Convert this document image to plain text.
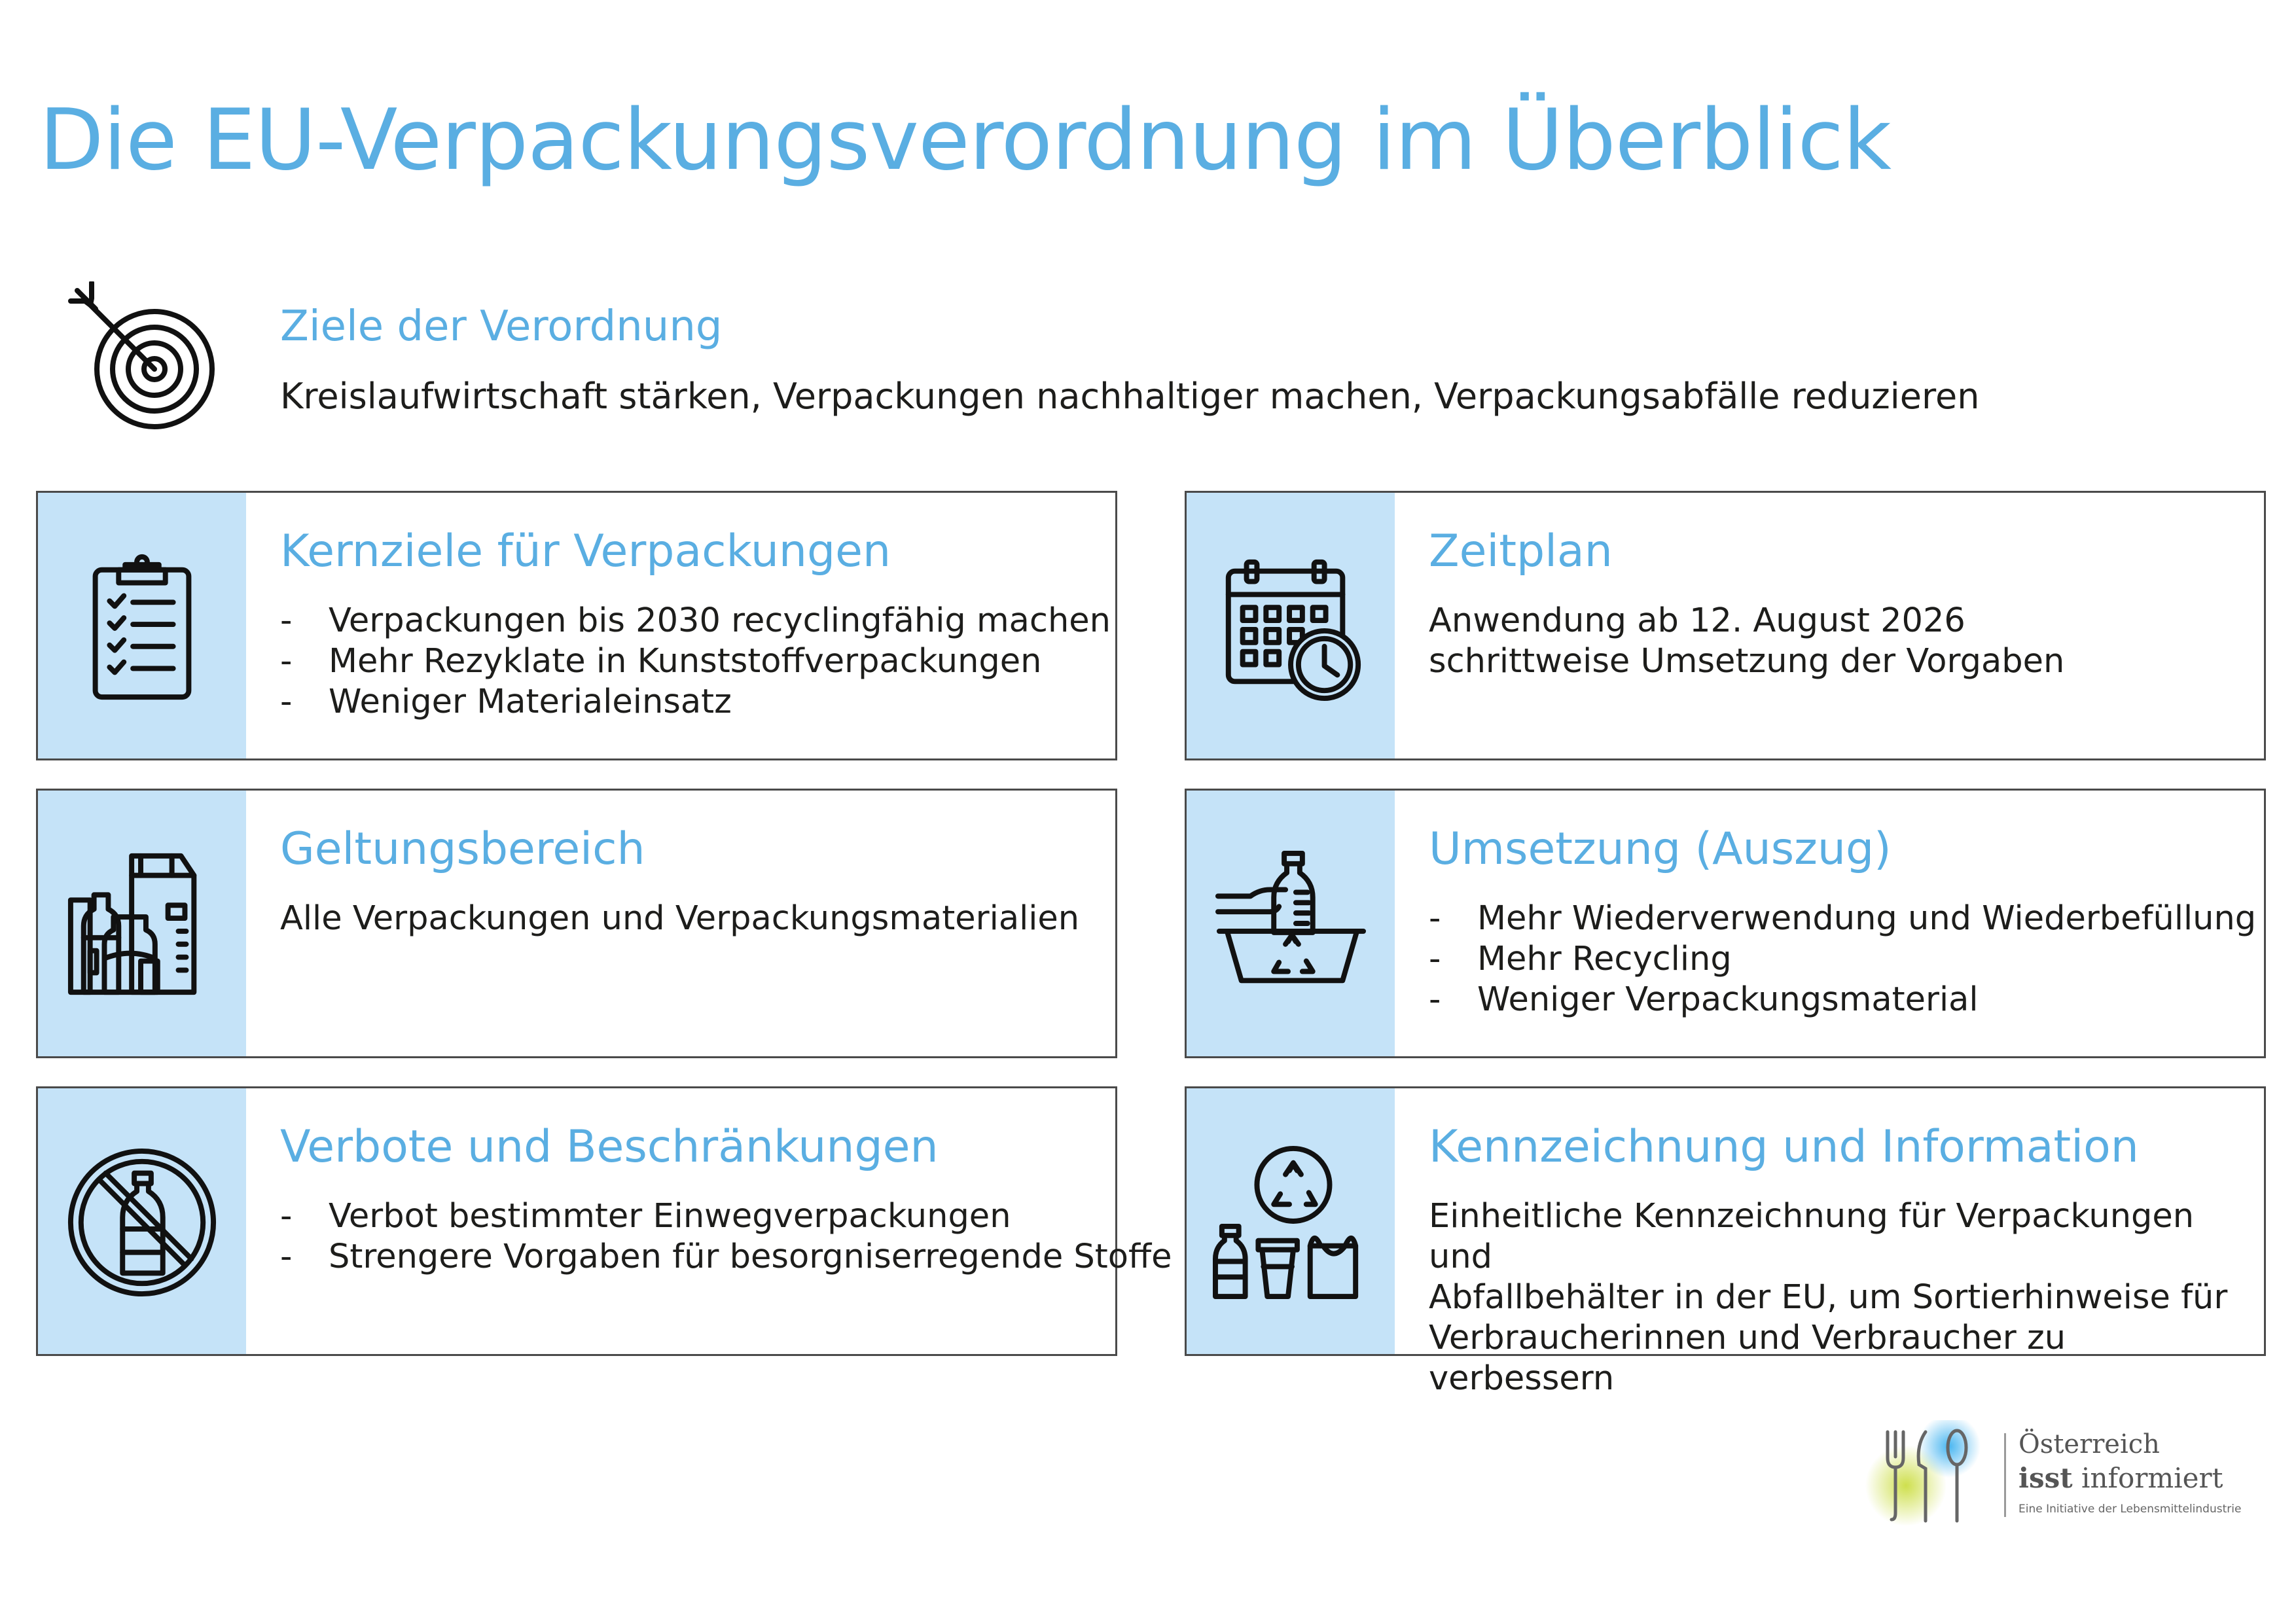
Die EU-Verpackungsverordnung im Überblick
Ziele der Verordnung
Kreislaufwirtschaft stärken, Verpackungen nachhaltiger machen, Verpackungsabfälle reduzieren
Kernziele für Verpackungen
- Verpackungen bis 2030 recyclingfähig machen
- Mehr Rezyklate in Kunststoffverpackungen
- Weniger Materialeinsatz
Zeitplan

Anwendung ab 12. August 2026

schrittweise Umsetzung der Vorgaben

Geltungsbereich

Alle Verpackungen und Verpackungsmaterialien

Umsetzung (Auszug)
- Mehr Wiederverwendung und Wiederbefüllung
- Mehr Recycling
- Weniger Verpackungsmaterial
Verbote und Beschränkungen
- Verbot bestimmter Einwegverpackungen
- Strengere Vorgaben für besorgniserregende Stoffe
Kennzeichnung und Information

Einheitliche Kennzeichnung für Verpackungen und

Abfallbehälter in der EU, um Sortierhinweise für

Verbraucherinnen und Verbraucher zu verbessern

Österreich
isst informiert
Eine Initiative der Lebensmittelindustrie
